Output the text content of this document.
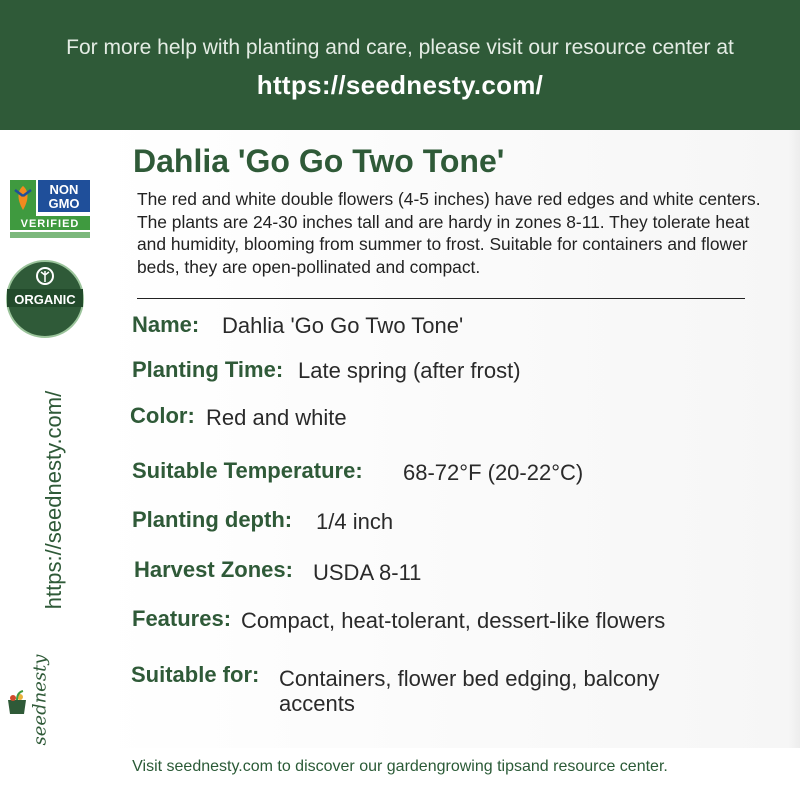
For more help with planting and care, please visit our resource center at
https://seednesty.com/
NON
GMO
VERIFIED
ORGANIC
https://seednesty.com/
seednesty
Dahlia 'Go Go Two Tone'
The red and white double flowers (4-5 inches) have red edges and white centers. The plants are 24-30 inches tall and are hardy in zones 8-11. They tolerate heat and humidity, blooming from summer to frost. Suitable for containers and flower beds, they are open-pollinated and compact.
Name: Dahlia 'Go Go Two Tone'
Planting Time: Late spring (after frost)
Color: Red and white
Suitable Temperature: 68-72°F (20-22°C)
Planting depth: 1/4 inch
Harvest Zones: USDA 8-11
Features: Compact, heat-tolerant, dessert-like flowers
Suitable for: Containers, flower bed edging, balcony accents
Visit seednesty.com to discover our gardengrowing tipsand resource center.
